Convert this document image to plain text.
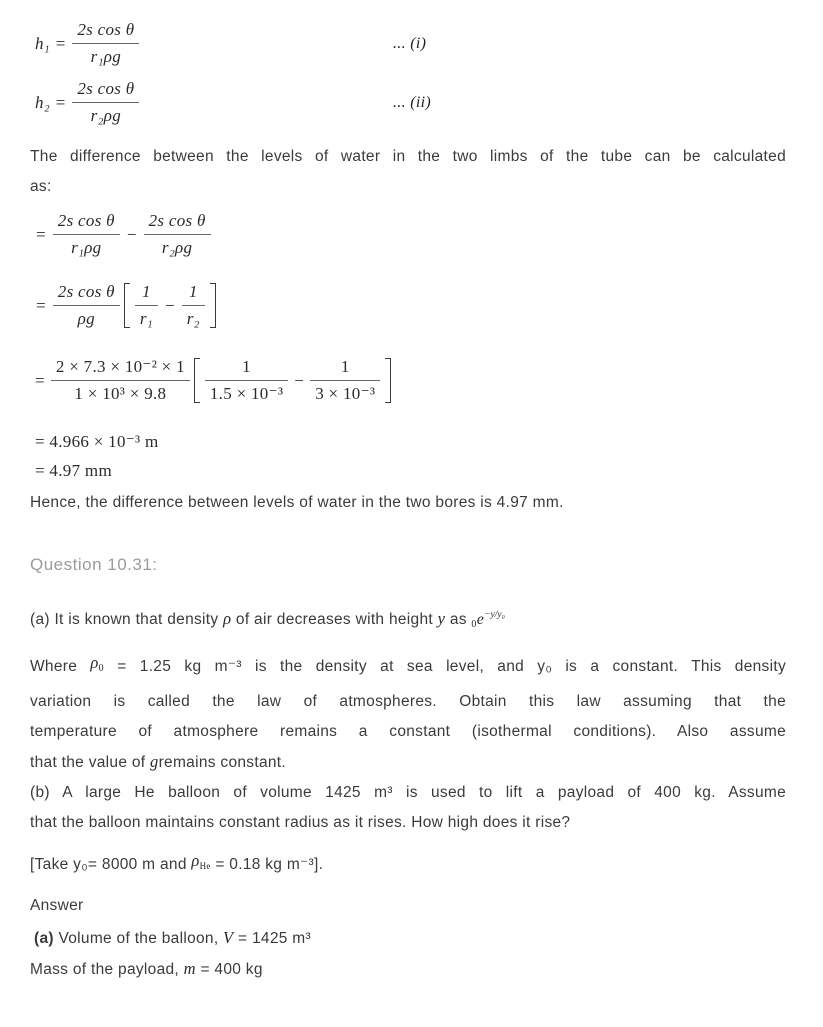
$h_1 = \frac{\text{2s cos θ}}{\text{r₁ρg}}$	... (i)
$h_2 = \frac{\text{2s cos θ}}{\text{r₂ρg}}$	... (ii)
The difference between the levels of water in the two limbs of the tube can be calculated
as:
= $\frac{\text{2s cos θ}}{\text{r₁ρg}} - \frac{\text{2s cos θ}}{\text{r₂ρg}}$
= $\frac{\text{2s cos θ}}{\rho g} \frac{1}{\text{r₁}} - \frac{1}{\text{r₂}}$
= $\frac{\text{2 × 7.3 × 10⁻² × 1}}{\text{1 × 10³ × 9.8}} \frac{1}{\text{1.5 × 10⁻³}} - \frac{1}{\text{3 × 10⁻³}}$
= 4.966 × 10⁻³ m
= 4.97 mm
Hence, the difference between levels of water in the two bores is 4.97 mm.
Question 10.31:
(a) It is known that density ρ of air decreases with height y as $0e^{-y/y_0}$
Where ρ0 = 1.25 kg m⁻³ is the density at sea level, and y₀ is a constant. This density
variation is called the law of atmospheres. Obtain this law assuming that the
temperature of atmosphere remains a constant (isothermal conditions). Also assume
that the value of gremains constant.
(b) A large He balloon of volume 1425 m³ is used to lift a payload of 400 kg. Assume
that the balloon maintains constant radius as it rises. How high does it rise?
[Take y₀= 8000 m and ρHe = 0.18 kg m⁻³].
Answer
(a) Volume of the balloon, V = 1425 m³
Mass of the payload, m = 400 kg
